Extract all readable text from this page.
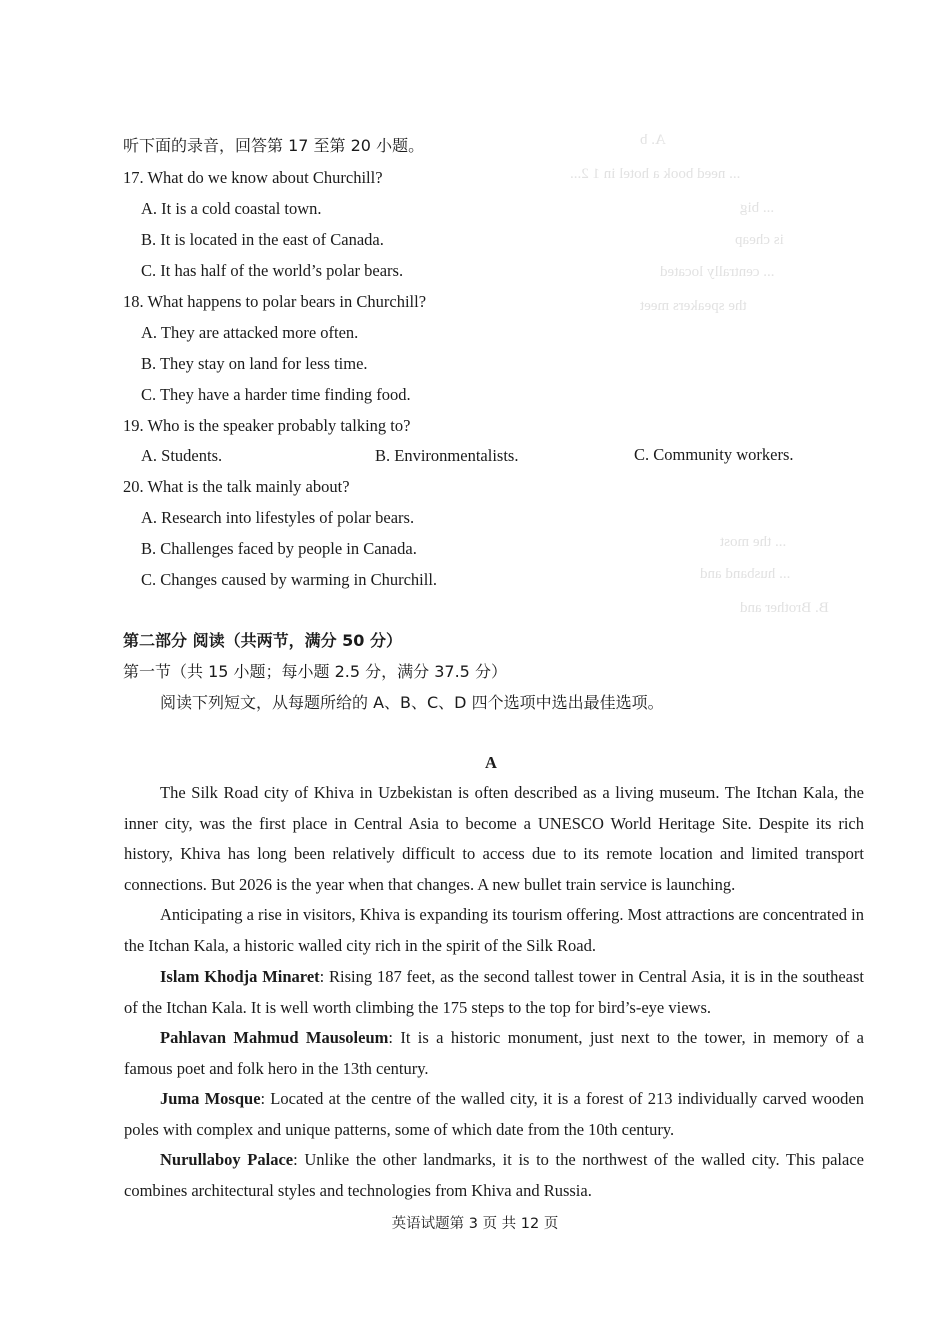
A. b
... need book a hotel in 1 2...
... big
is cheap
... centrally located
the speakers meet
... the most
... husband and
B. Brother and
听下面的录音，回答第 17 至第 20 小题。
17. What do we know about Churchill?
A. It is a cold coastal town.
B. It is located in the east of Canada.
C. It has half of the world’s polar bears.
18. What happens to polar bears in Churchill?
A. They are attacked more often.
B. They stay on land for less time.
C. They have a harder time finding food.
19. Who is the speaker probably talking to?
A. Students.	B. Environmentalists.	C. Community workers.
20. What is the talk mainly about?
A. Research into lifestyles of polar bears.
B. Challenges faced by people in Canada.
C. Changes caused by warming in Churchill.
第二部分 阅读（共两节，满分 50 分）
第一节（共 15 小题；每小题 2.5 分，满分 37.5 分）
阅读下列短文，从每题所给的 A、B、C、D 四个选项中选出最佳选项。
A
The Silk Road city of Khiva in Uzbekistan is often described as a living museum. The Itchan Kala, the inner city, was the first place in Central Asia to become a UNESCO World Heritage Site. Despite its rich history, Khiva has long been relatively difficult to access due to its remote location and limited transport connections. But 2026 is the year when that changes. A new bullet train service is launching.
Anticipating a rise in visitors, Khiva is expanding its tourism offering. Most attractions are concentrated in the Itchan Kala, a historic walled city rich in the spirit of the Silk Road.
Islam Khodja Minaret: Rising 187 feet, as the second tallest tower in Central Asia, it is in the southeast of the Itchan Kala. It is well worth climbing the 175 steps to the top for bird’s-eye views.
Pahlavan Mahmud Mausoleum: It is a historic monument, just next to the tower, in memory of a famous poet and folk hero in the 13th century.
Juma Mosque: Located at the centre of the walled city, it is a forest of 213 individually carved wooden poles with complex and unique patterns, some of which date from the 10th century.
Nurullaboy Palace: Unlike the other landmarks, it is to the northwest of the walled city. This palace combines architectural styles and technologies from Khiva and Russia.
英语试题第 3 页 共 12 页
